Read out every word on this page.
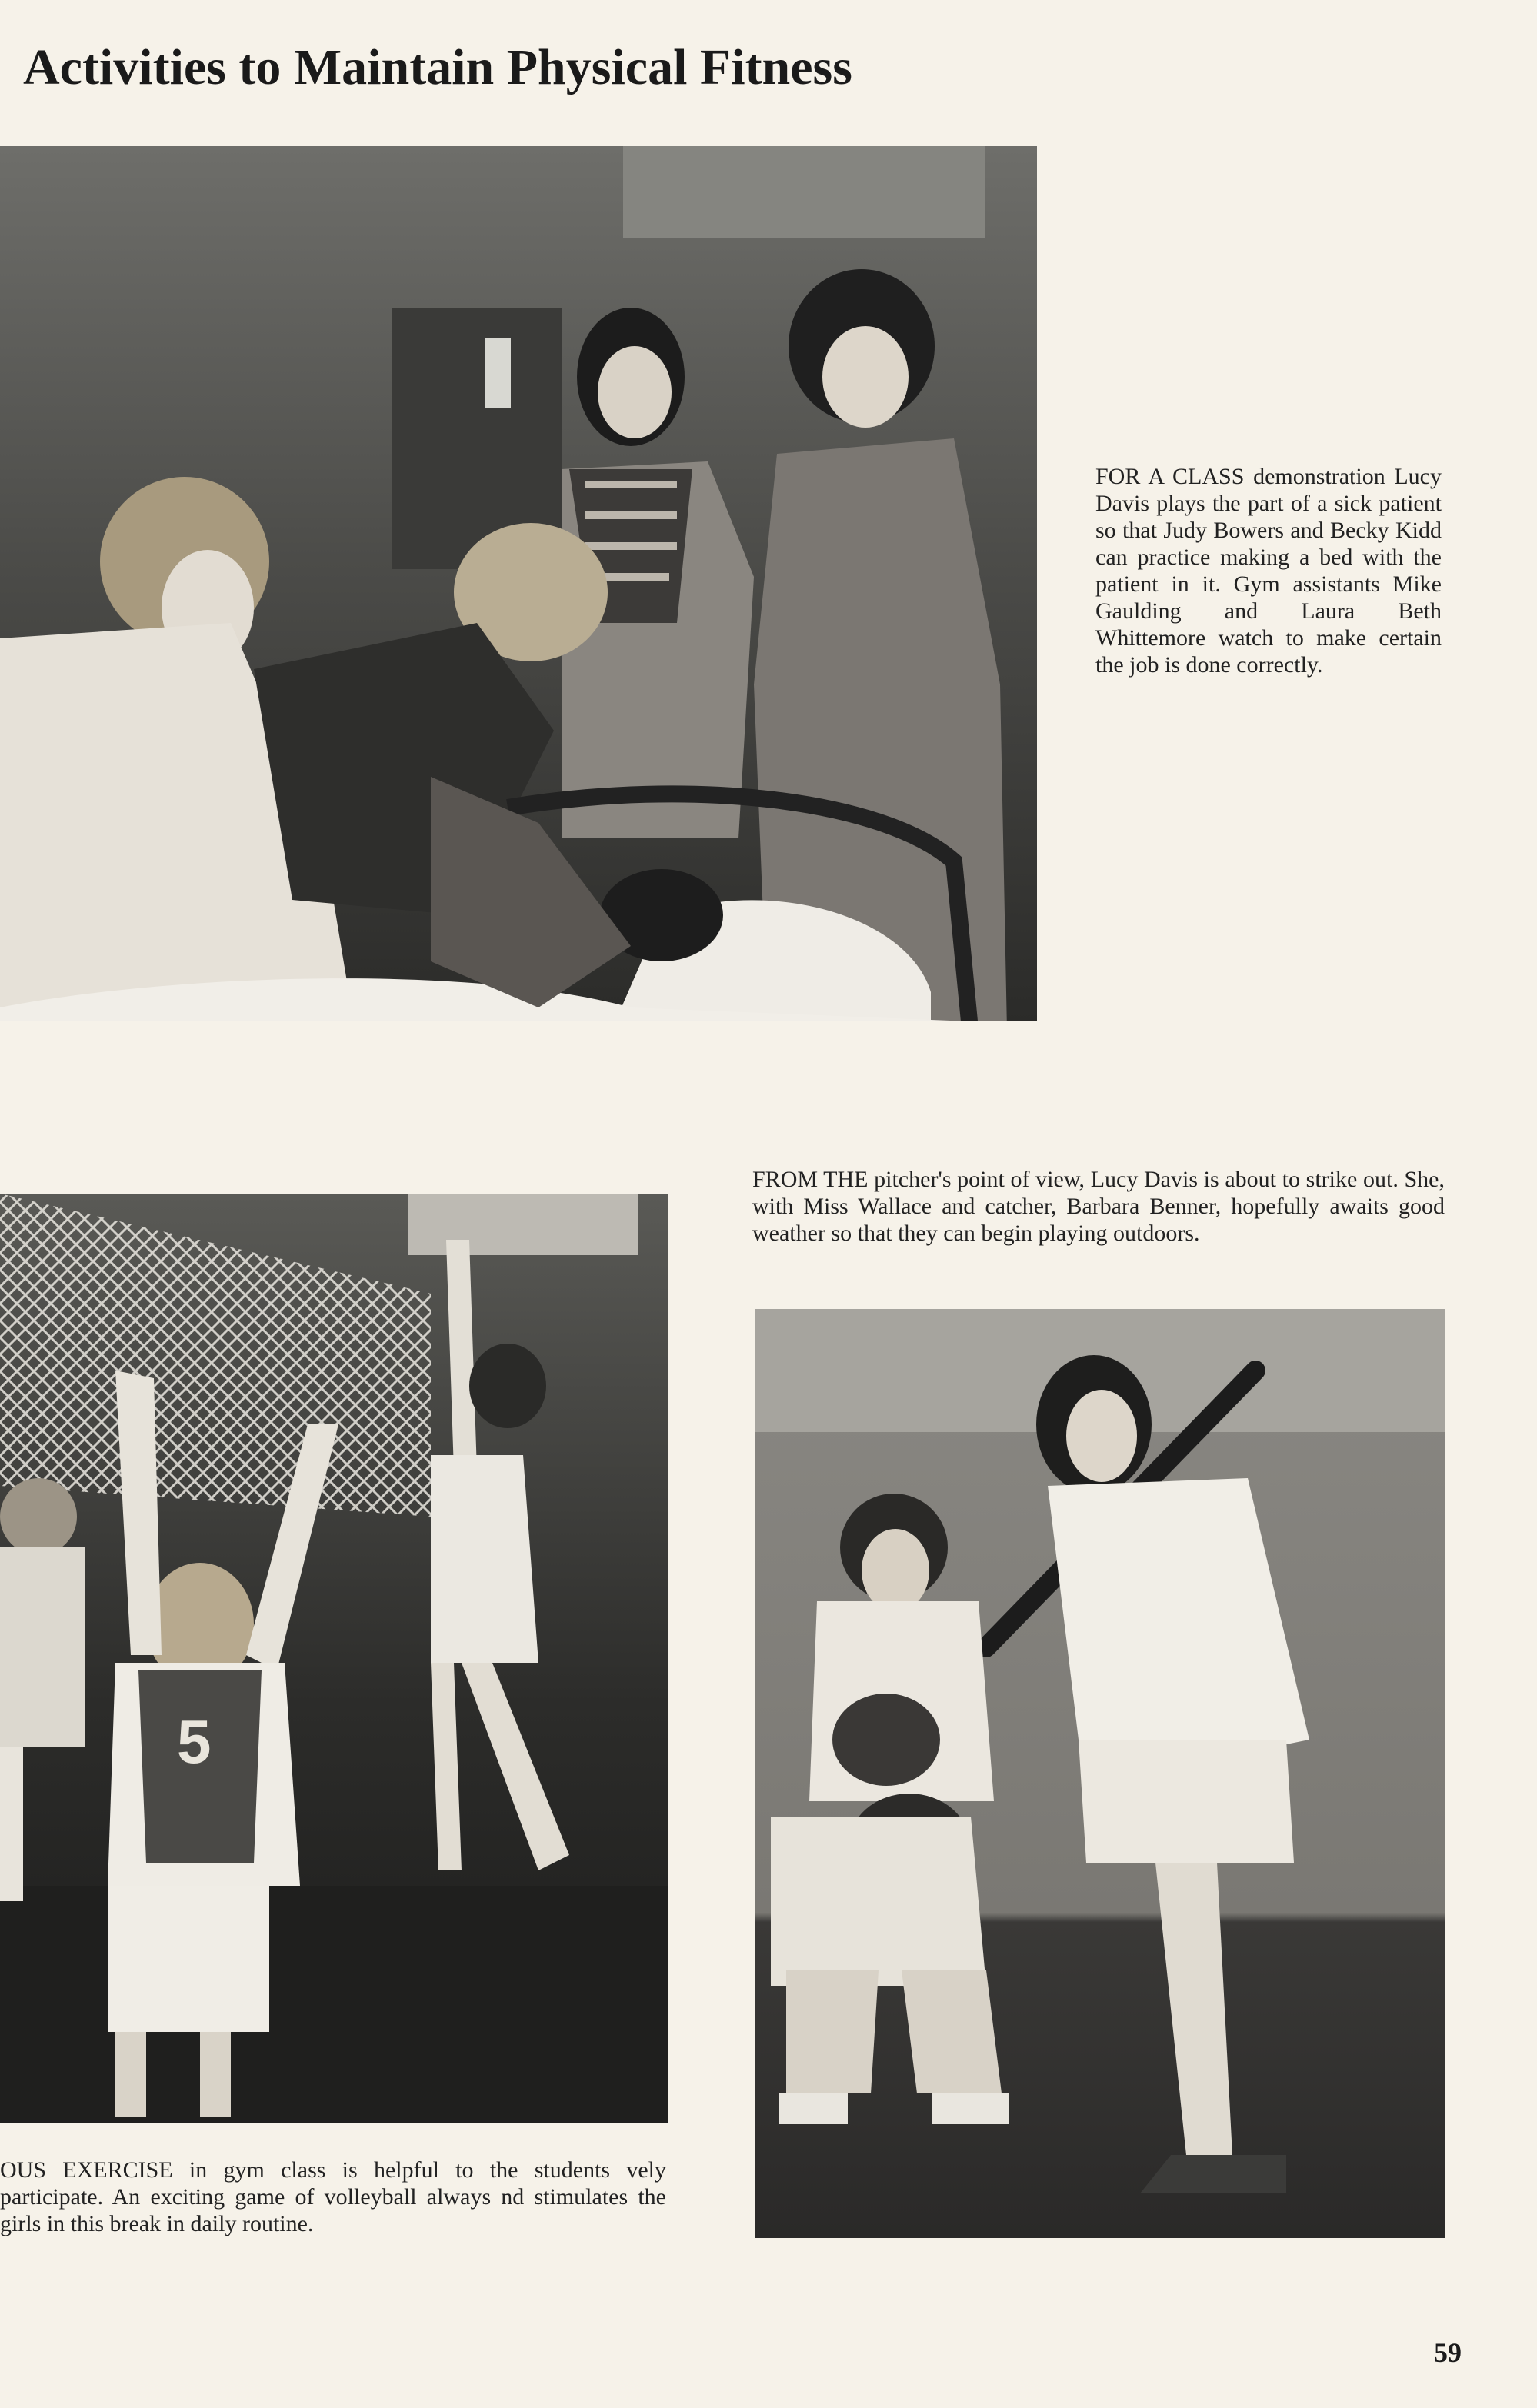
Activities to Maintain Physical Fitness

FOR A CLASS demonstration Lucy Davis plays the part of a sick patient so that Judy Bowers and Becky Kidd can practice making a bed with the patient in it. Gym assistants Mike Gaulding and Laura Beth Whittemore watch to make certain the job is done correctly.

FROM THE pitcher's point of view, Lucy Davis is about to strike out. She, with Miss Wallace and catcher, Barbara Benner, hopefully awaits good weather so that they can begin playing outdoors.

5

OUS EXERCISE in gym class is helpful to the students vely participate. An exciting game of volleyball always nd stimulates the girls in this break in daily routine.

59
